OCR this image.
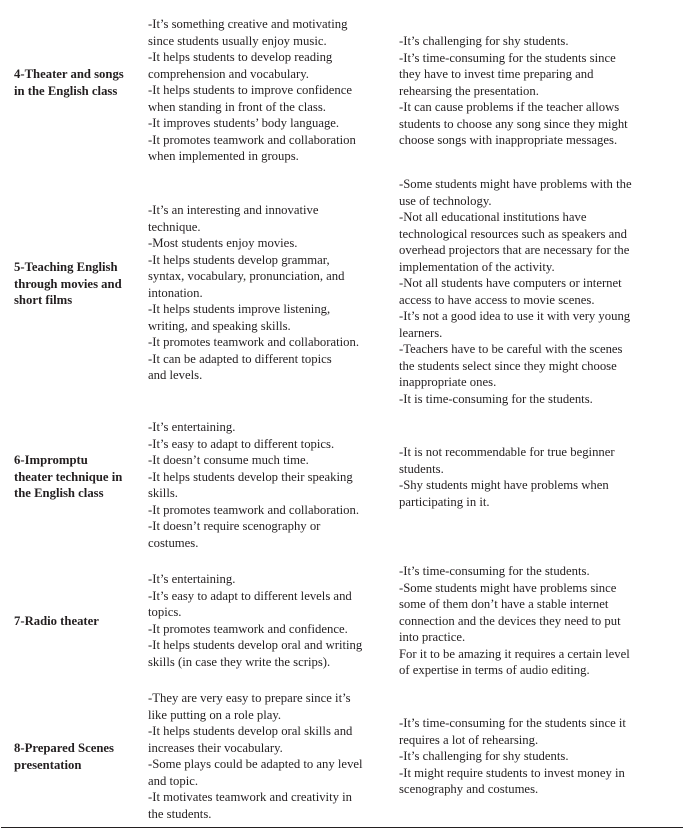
4-Theater and songs

in the English class

-It’s something creative and motivating

since students usually enjoy music.

-It helps students to develop reading

comprehension and vocabulary.

-It helps students to improve confidence

when standing in front of the class.

-It improves students’ body language.

-It promotes teamwork and collaboration

when implemented in groups.

-It’s challenging for shy students.

-It’s time-consuming for the students since

they have to invest time preparing and

rehearsing the presentation.

-It can cause problems if the teacher allows

students to choose any song since they might

choose songs with inappropriate messages.

5-Teaching English

through movies and

short films

-It’s an interesting and innovative

technique.

-Most students enjoy movies.

-It helps students develop grammar,

syntax, vocabulary, pronunciation, and

intonation.

-It helps students improve listening,

writing, and speaking skills.

-It promotes teamwork and collaboration.

-It can be adapted to different topics

and levels.

-Some students might have problems with the

use of technology.

-Not all educational institutions have

technological resources such as speakers and

overhead projectors that are necessary for the

implementation of the activity.

-Not all students have computers or internet

access to have access to movie scenes.

-It’s not a good idea to use it with very young

learners.

-Teachers have to be careful with the scenes

the students select since they might choose

inappropriate ones.

-It is time-consuming for the students.

6-Impromptu

theater technique in

the English class

-It’s entertaining.

-It’s easy to adapt to different topics.

-It doesn’t consume much time.

-It helps students develop their speaking

skills.

-It promotes teamwork and collaboration.

-It doesn’t require scenography or

costumes.

-It is not recommendable for true beginner

students.

-Shy students might have problems when

participating in it.

7-Radio theater

-It’s entertaining.

-It’s easy to adapt to different levels and

topics.

-It promotes teamwork and confidence.

-It helps students develop oral and writing

skills (in case they write the scrips).

-It’s time-consuming for the students.

-Some students might have problems since

some of them don’t have a stable internet

connection and the devices they need to put

into practice.

For it to be amazing it requires a certain level

of expertise in terms of audio editing.

8-Prepared Scenes

presentation

-They are very easy to prepare since it’s

like putting on a role play.

-It helps students develop oral skills and

increases their vocabulary.

-Some plays could be adapted to any level

and topic.

-It motivates teamwork and creativity in

the students.

-It’s time-consuming for the students since it

requires a lot of rehearsing.

-It’s challenging for shy students.

-It might require students to invest money in

scenography and costumes.
